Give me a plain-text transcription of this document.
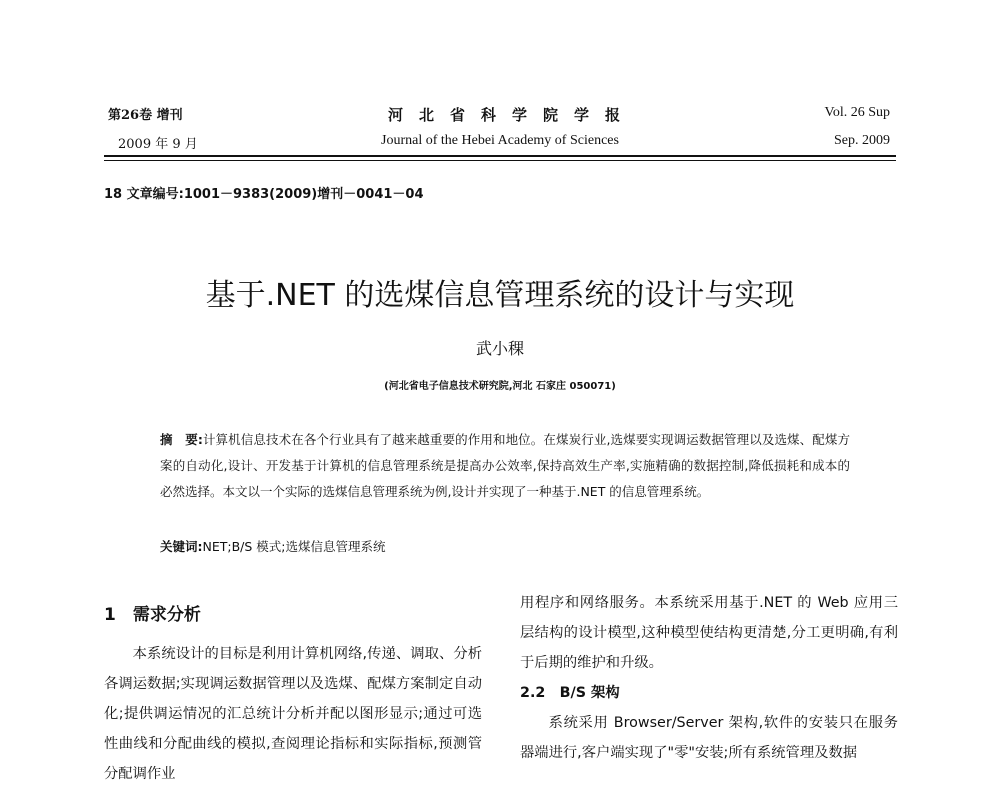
第26卷 增刊
2009 年 9 月
河北省科学院学报
Journal of the Hebei Academy of Sciences
Vol. 26 Sup
Sep. 2009
18 文章编号:1001－9383(2009)增刊－0041－04
基于.NET 的选煤信息管理系统的设计与实现
武小稞
(河北省电子信息技术研究院,河北 石家庄 050071)
摘　要:计算机信息技术在各个行业具有了越来越重要的作用和地位。在煤炭行业,选煤要实现调运数据管理以及选煤、配煤方案的自动化,设计、开发基于计算机的信息管理系统是提高办公效率,保持高效生产率,实施精确的数据控制,降低损耗和成本的必然选择。本文以一个实际的选煤信息管理系统为例,设计并实现了一种基于.NET 的信息管理系统。
关键词:NET;B/S 模式;选煤信息管理系统
1　需求分析

本系统设计的目标是利用计算机网络,传递、调取、分析各调运数据;实现调运数据管理以及选煤、配煤方案制定自动化;提供调运情况的汇总统计分析并配以图形显示;通过可选性曲线和分配曲线的模拟,查阅理论指标和实际指标,预测管分配调作业

用程序和网络服务。本系统采用基于.NET 的 Web 应用三层结构的设计模型,这种模型使结构更清楚,分工更明确,有利于后期的维护和升级。

2.2　B/S 架构

系统采用 Browser/Server 架构,软件的安装只在服务器端进行,客户端实现了"零"安装;所有系统管理及数据
